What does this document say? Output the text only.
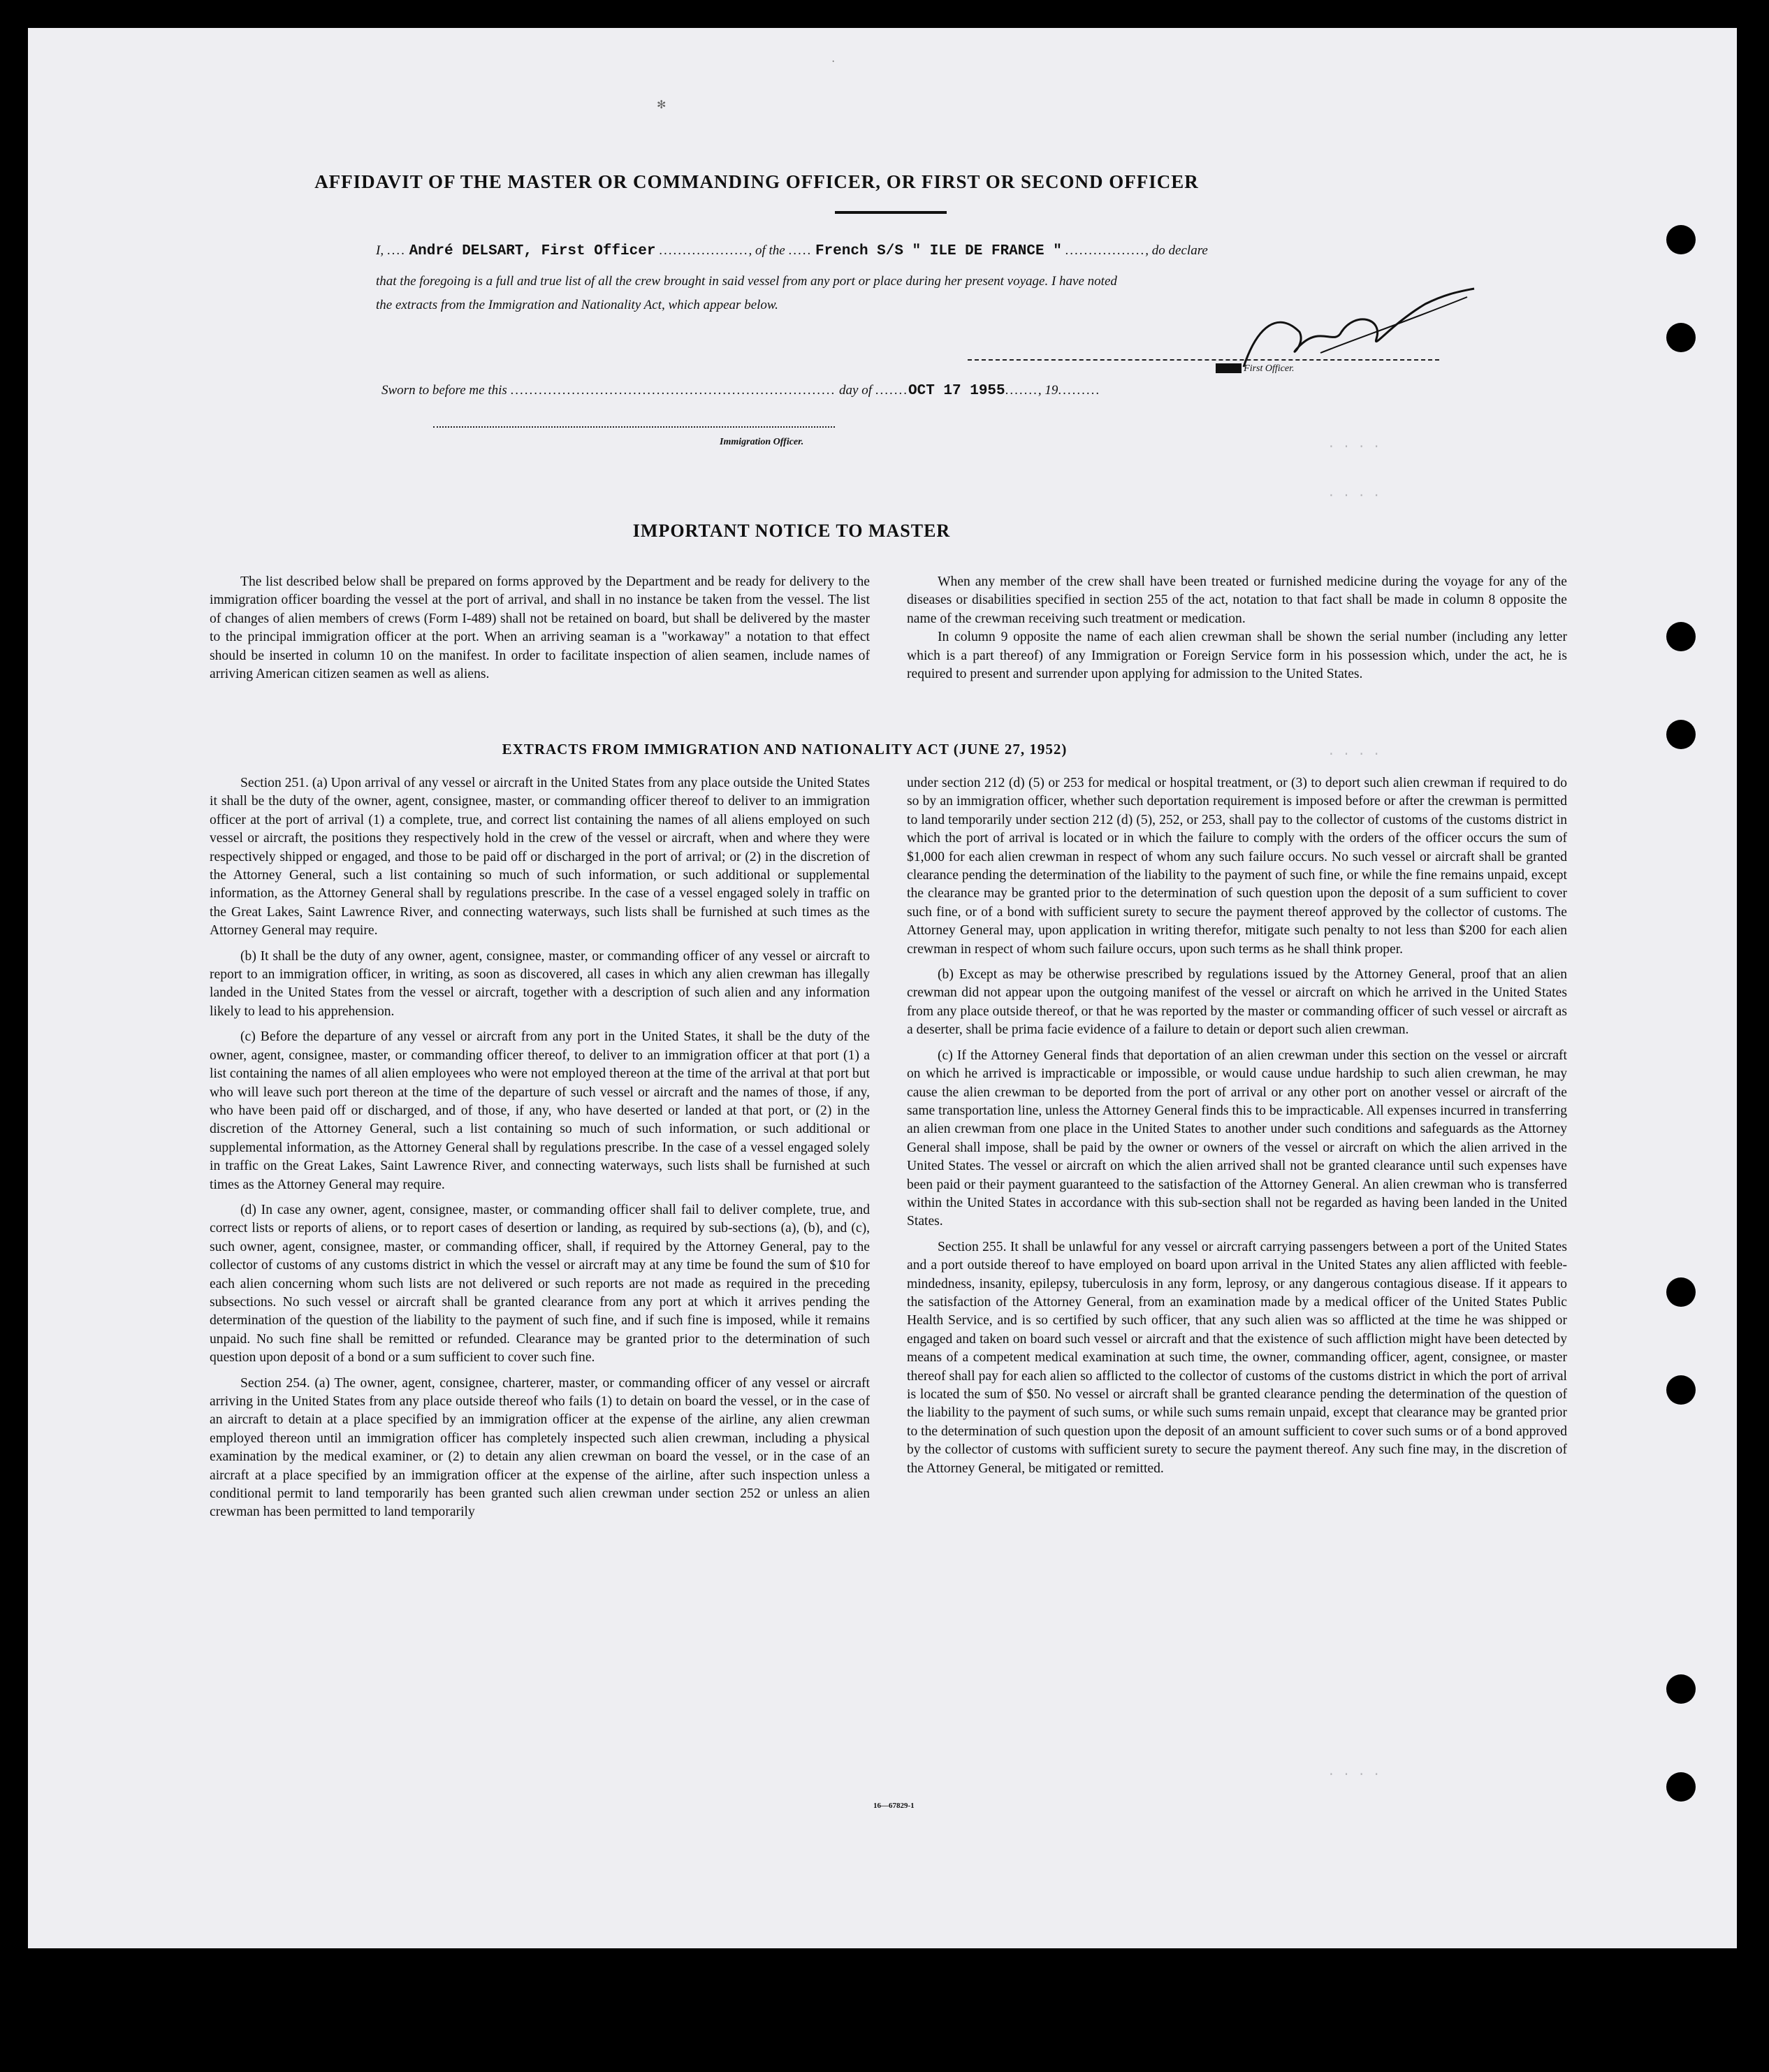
· · · ·
· · · ·
· · · ·
· · · ·
✻
·
AFFIDAVIT OF THE MASTER OR COMMANDING OFFICER, OR FIRST OR SECOND OFFICER
I, .... André DELSART, First Officer ..................., of the ..... French S/S " ILE DE FRANCE " ................., do declare
that the foregoing is a full and true list of all the crew brought in said vessel from any port or place during her present voyage. I have noted
the extracts from the Immigration and Nationality Act, which appear below.
XXXXX First Officer.
Sworn to before me this ..................................................................... day of .......OCT 17 1955......., 19.........
Immigration Officer.
IMPORTANT NOTICE TO MASTER

The list described below shall be prepared on forms approved by the Department and be ready for delivery to the immigration officer boarding the vessel at the port of arrival, and shall in no instance be taken from the vessel. The list of changes of alien members of crews (Form I-489) shall not be retained on board, but shall be delivered by the master to the principal immigration officer at the port. When an arriving seaman is a "workaway" a notation to that effect should be inserted in column 10 on the manifest. In order to facilitate inspection of alien seamen, include names of arriving American citizen seamen as well as aliens.

When any member of the crew shall have been treated or furnished medicine during the voyage for any of the diseases or disabilities specified in section 255 of the act, notation to that fact shall be made in column 8 opposite the name of the crewman receiving such treatment or medication.

In column 9 opposite the name of each alien crewman shall be shown the serial number (including any letter which is a part thereof) of any Immigration or Foreign Service form in his possession which, under the act, he is required to present and surrender upon applying for admission to the United States.

EXTRACTS FROM IMMIGRATION AND NATIONALITY ACT (JUNE 27, 1952)

Section 251. (a) Upon arrival of any vessel or aircraft in the United States from any place outside the United States it shall be the duty of the owner, agent, consignee, master, or commanding officer thereof to deliver to an immigration officer at the port of arrival (1) a complete, true, and correct list containing the names of all aliens employed on such vessel or aircraft, the positions they respectively hold in the crew of the vessel or aircraft, when and where they were respectively shipped or engaged, and those to be paid off or discharged in the port of arrival; or (2) in the discretion of the Attorney General, such a list containing so much of such information, or such additional or supplemental information, as the Attorney General shall by regulations prescribe. In the case of a vessel engaged solely in traffic on the Great Lakes, Saint Lawrence River, and connecting waterways, such lists shall be furnished at such times as the Attorney General may require.

(b) It shall be the duty of any owner, agent, consignee, master, or commanding officer of any vessel or aircraft to report to an immigration officer, in writing, as soon as discovered, all cases in which any alien crewman has illegally landed in the United States from the vessel or aircraft, together with a description of such alien and any information likely to lead to his apprehension.

(c) Before the departure of any vessel or aircraft from any port in the United States, it shall be the duty of the owner, agent, consignee, master, or commanding officer thereof, to deliver to an immigration officer at that port (1) a list containing the names of all alien employees who were not employed thereon at the time of the arrival at that port but who will leave such port thereon at the time of the departure of such vessel or aircraft and the names of those, if any, who have been paid off or discharged, and of those, if any, who have deserted or landed at that port, or (2) in the discretion of the Attorney General, such a list containing so much of such information, or such additional or supplemental information, as the Attorney General shall by regulations prescribe. In the case of a vessel engaged solely in traffic on the Great Lakes, Saint Lawrence River, and connecting waterways, such lists shall be furnished at such times as the Attorney General may require.

(d) In case any owner, agent, consignee, master, or commanding officer shall fail to deliver complete, true, and correct lists or reports of aliens, or to report cases of desertion or landing, as required by sub-sections (a), (b), and (c), such owner, agent, consignee, master, or commanding officer, shall, if required by the Attorney General, pay to the collector of customs of any customs district in which the vessel or aircraft may at any time be found the sum of $10 for each alien concerning whom such lists are not delivered or such reports are not made as required in the preceding subsections. No such vessel or aircraft shall be granted clearance from any port at which it arrives pending the determination of the question of the liability to the payment of such fine, and if such fine is imposed, while it remains unpaid. No such fine shall be remitted or refunded. Clearance may be granted prior to the determination of such question upon deposit of a bond or a sum sufficient to cover such fine.

Section 254. (a) The owner, agent, consignee, charterer, master, or commanding officer of any vessel or aircraft arriving in the United States from any place outside thereof who fails (1) to detain on board the vessel, or in the case of an aircraft to detain at a place specified by an immigration officer at the expense of the airline, any alien crewman employed thereon until an immigration officer has completely inspected such alien crewman, including a physical examination by the medical examiner, or (2) to detain any alien crewman on board the vessel, or in the case of an aircraft at a place specified by an immigration officer at the expense of the airline, after such inspection unless a conditional permit to land temporarily has been granted such alien crewman under section 252 or unless an alien crewman has been permitted to land temporarily

under section 212 (d) (5) or 253 for medical or hospital treatment, or (3) to deport such alien crewman if required to do so by an immigration officer, whether such deportation requirement is imposed before or after the crewman is permitted to land temporarily under section 212 (d) (5), 252, or 253, shall pay to the collector of customs of the customs district in which the port of arrival is located or in which the failure to comply with the orders of the officer occurs the sum of $1,000 for each alien crewman in respect of whom any such failure occurs. No such vessel or aircraft shall be granted clearance pending the determination of the liability to the payment of such fine, or while the fine remains unpaid, except the clearance may be granted prior to the determination of such question upon the deposit of a sum sufficient to cover such fine, or of a bond with sufficient surety to secure the payment thereof approved by the collector of customs. The Attorney General may, upon application in writing therefor, mitigate such penalty to not less than $200 for each alien crewman in respect of whom such failure occurs, upon such terms as he shall think proper.

(b) Except as may be otherwise prescribed by regulations issued by the Attorney General, proof that an alien crewman did not appear upon the outgoing manifest of the vessel or aircraft on which he arrived in the United States from any place outside thereof, or that he was reported by the master or commanding officer of such vessel or aircraft as a deserter, shall be prima facie evidence of a failure to detain or deport such alien crewman.

(c) If the Attorney General finds that deportation of an alien crewman under this section on the vessel or aircraft on which he arrived is impracticable or impossible, or would cause undue hardship to such alien crewman, he may cause the alien crewman to be deported from the port of arrival or any other port on another vessel or aircraft of the same transportation line, unless the Attorney General finds this to be impracticable. All expenses incurred in transferring an alien crewman from one place in the United States to another under such conditions and safeguards as the Attorney General shall impose, shall be paid by the owner or owners of the vessel or aircraft on which the alien arrived in the United States. The vessel or aircraft on which the alien arrived shall not be granted clearance until such expenses have been paid or their payment guaranteed to the satisfaction of the Attorney General. An alien crewman who is transferred within the United States in accordance with this sub-section shall not be regarded as having been landed in the United States.

Section 255. It shall be unlawful for any vessel or aircraft carrying passengers between a port of the United States and a port outside thereof to have employed on board upon arrival in the United States any alien afflicted with feeble-mindedness, insanity, epilepsy, tuberculosis in any form, leprosy, or any dangerous contagious disease. If it appears to the satisfaction of the Attorney General, from an examination made by a medical officer of the United States Public Health Service, and is so certified by such officer, that any such alien was so afflicted at the time he was shipped or engaged and taken on board such vessel or aircraft and that the existence of such affliction might have been detected by means of a competent medical examination at such time, the owner, commanding officer, agent, consignee, or master thereof shall pay for each alien so afflicted to the collector of customs of the customs district in which the port of arrival is located the sum of $50. No vessel or aircraft shall be granted clearance pending the determination of the question of the liability to the payment of such sums, or while such sums remain unpaid, except that clearance may be granted prior to the determination of such question upon the deposit of an amount sufficient to cover such sums or of a bond approved by the collector of customs with sufficient surety to secure the payment thereof. Any such fine may, in the discretion of the Attorney General, be mitigated or remitted.

16—67829-1
